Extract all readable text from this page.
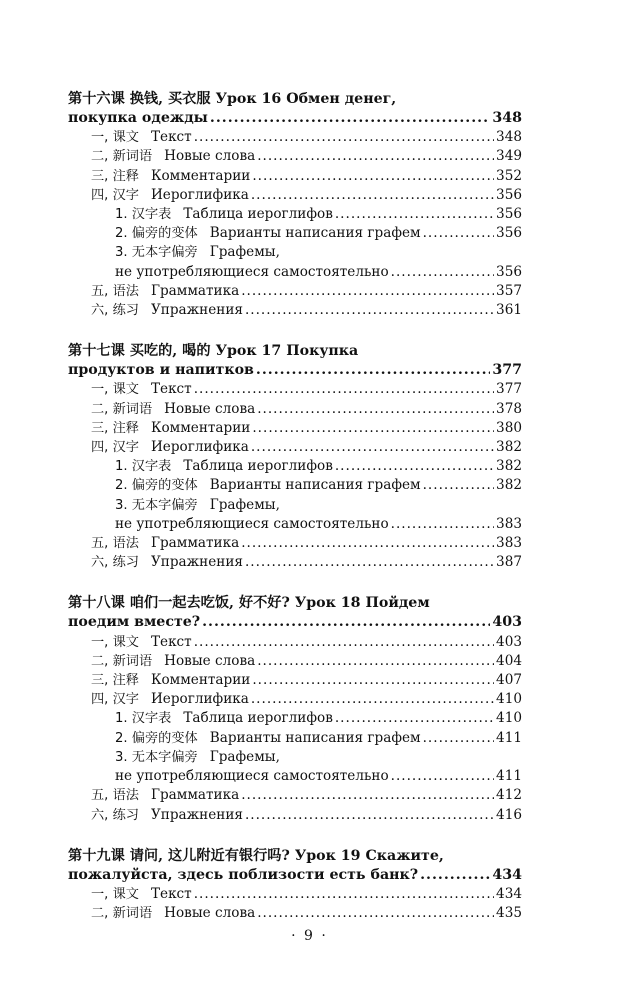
第十六课 换钱, 买衣服 Урок 16 Обмен денег,
покупка одежды .....	348
一, 课文 Текст .....	348
二, 新词语 Новые слова .....	349
三, 注释 Комментарии .....	352
四, 汉字 Иероглифика .....	356
1. 汉字表 Таблица иероглифов .....	356
2. 偏旁的变体 Варианты написания графем .....	356
3. 无本字偏旁 Графемы,
не употребляющиеся самостоятельно .....	356
五, 语法 Грамматика .....	357
六, 练习 Упражнения .....	361
第十七课 买吃的, 喝的 Урок 17 Покупка
продуктов и напитков .....	377
一, 课文 Текст .....	377
二, 新词语 Новые слова .....	378
三, 注释 Комментарии .....	380
四, 汉字 Иероглифика .....	382
1. 汉字表 Таблица иероглифов .....	382
2. 偏旁的变体 Варианты написания графем .....	382
3. 无本字偏旁 Графемы,
не употребляющиеся самостоятельно .....	383
五, 语法 Грамматика .....	383
六, 练习 Упражнения .....	387
第十八课 咱们一起去吃饭, 好不好? Урок 18 Пойдем
поедим вместе? .....	403
一, 课文 Текст .....	403
二, 新词语 Новые слова .....	404
三, 注释 Комментарии .....	407
四, 汉字 Иероглифика .....	410
1. 汉字表 Таблица иероглифов .....	410
2. 偏旁的变体 Варианты написания графем .....	411
3. 无本字偏旁 Графемы,
не употребляющиеся самостоятельно .....	411
五, 语法 Грамматика .....	412
六, 练习 Упражнения .....	416
第十九课 请问, 这儿附近有银行吗? Урок 19 Скажите,
пожалуйста, здесь поблизости есть банк? .....	434
一, 课文 Текст .....	434
二, 新词语 Новые слова .....	435
· 9 ·
